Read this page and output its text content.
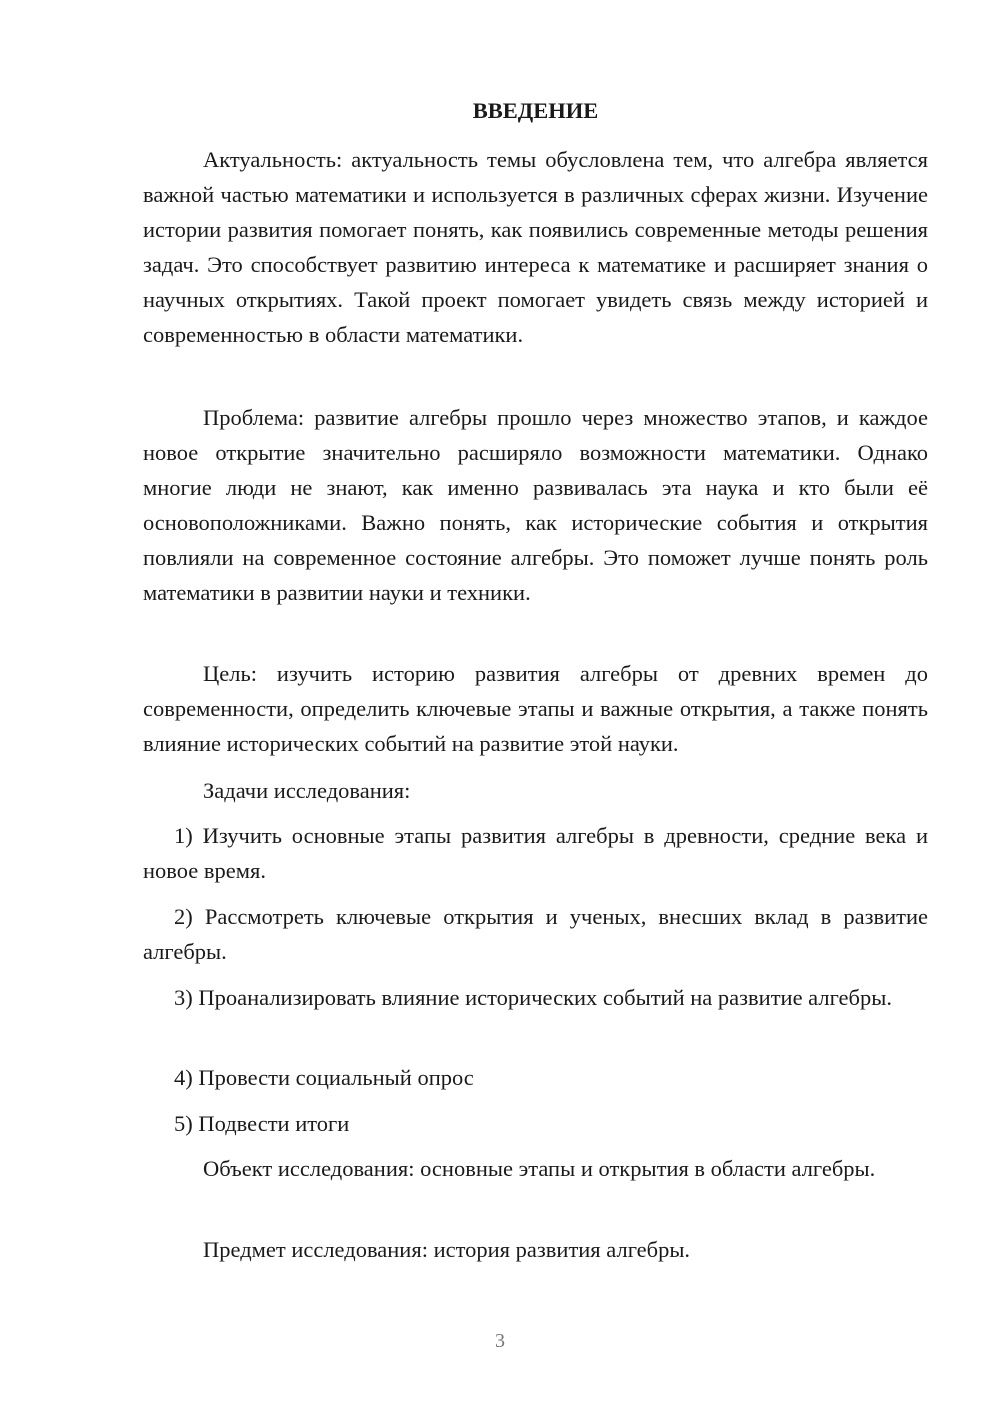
ВВЕДЕНИЕ

Актуальность: актуальность темы обусловлена тем, что алгебра является важной частью математики и используется в различных сферах жизни. Изучение истории развития помогает понять, как появились современные методы решения задач. Это способствует развитию интереса к математике и расширяет знания о научных открытиях. Такой проект помогает увидеть связь между историей и современностью в области математики.

Проблема: развитие алгебры прошло через множество этапов, и каждое новое открытие значительно расширяло возможности математики. Однако многие люди не знают, как именно развивалась эта наука и кто были её основоположниками. Важно понять, как исторические события и открытия повлияли на современное состояние алгебры. Это поможет лучше понять роль математики в развитии науки и техники.

Цель: изучить историю развития алгебры от древних времен до современности, определить ключевые этапы и важные открытия, а также понять влияние исторических событий на развитие этой науки.

Задачи исследования:

1) Изучить основные этапы развития алгебры в древности, средние века и новое время.

2) Рассмотреть ключевые открытия и ученых, внесших вклад в развитие алгебры.

3) Проанализировать влияние исторических событий на развитие алгебры.

4) Провести социальный опрос

5) Подвести итоги

Объект исследования: основные этапы и открытия в области алгебры.

Предмет исследования: история развития алгебры.

3
